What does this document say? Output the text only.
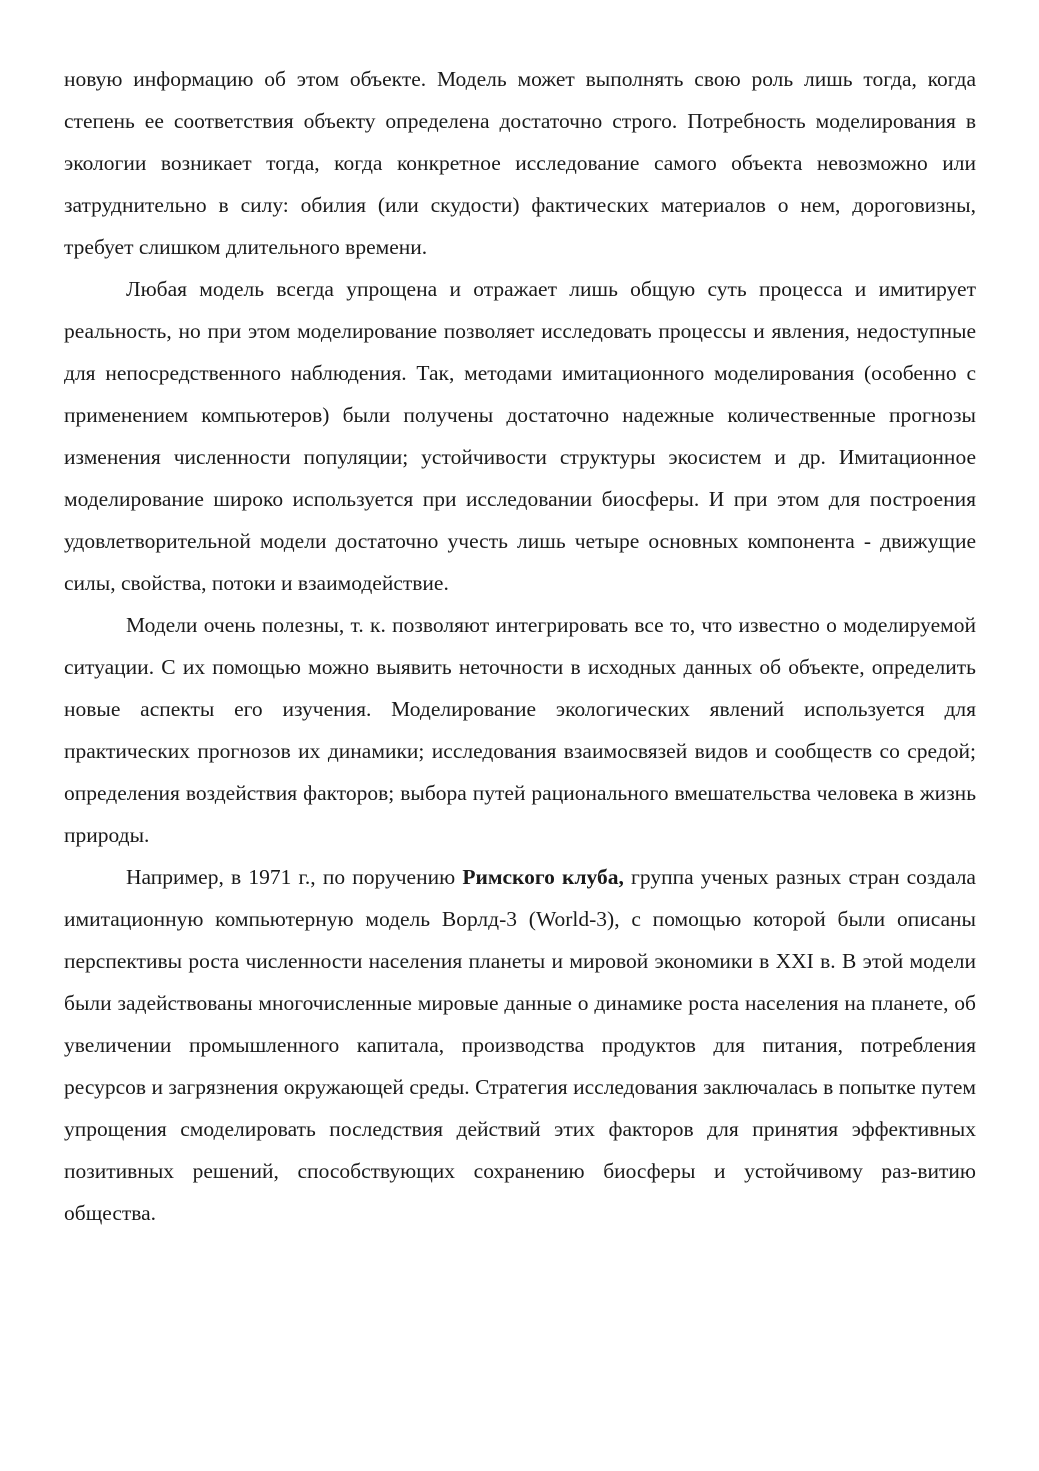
новую информацию об этом объекте. Модель может выполнять свою роль лишь тогда, когда степень ее соответствия объекту определена достаточно строго. Потребность моделирования в экологии возникает тогда, когда конкретное исследование самого объекта невозможно или затруднительно в силу: обилия (или скудости) фактических материалов о нем, дороговизны, требует слишком длительного времени.

Любая модель всегда упрощена и отражает лишь общую суть процесса и имитирует реальность, но при этом моделирование позволяет исследовать процессы и явления, недоступные для непосредственного наблюдения. Так, методами имитационного моделирования (особенно с применением компьютеров) были получены достаточно надежные количественные прогнозы изменения численности популяции; устойчивости структуры экосистем и др. Имитационное моделирование широко используется при исследовании биосферы. И при этом для построения удовлетворительной модели достаточно учесть лишь четыре основных компонента - движущие силы, свойства, потоки и взаимодействие.

Модели очень полезны, т. к. позволяют интегрировать все то, что известно о моделируемой ситуации. С их помощью можно выявить неточности в исходных данных об объекте, определить новые аспекты его изучения. Моделирование экологических явлений используется для практических прогнозов их динамики; исследования взаимосвязей видов и сообществ со средой; определения воздействия факторов; выбора путей рационального вмешательства человека в жизнь природы.

Например, в 1971 г., по поручению Римского клуба, группа ученых разных стран создала имитационную компьютерную модель Ворлд-3 (World-3), с помощью которой были описаны перспективы роста численности населения планеты и мировой экономики в XXI в. В этой модели были задействованы многочисленные мировые данные о динамике роста населения на планете, об увеличении промышленного капитала, производства продуктов для питания, потребления ресурсов и загрязнения окружающей среды. Стратегия исследования заключалась в попытке путем упрощения смоделировать последствия действий этих факторов для принятия эффективных позитивных решений, способствующих сохранению биосферы и устойчивому раз-витию общества.
